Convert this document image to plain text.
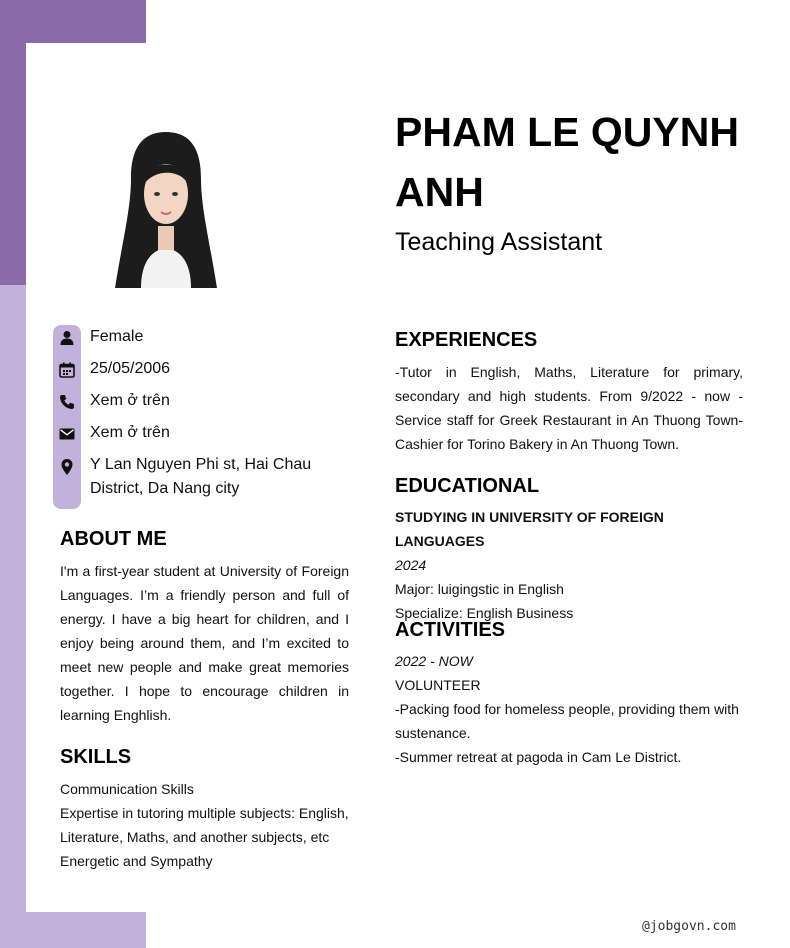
PHAM LE QUYNH ANH
Teaching Assistant
Female
25/05/2006
Xem ở trên
Xem ở trên
Y Lan Nguyen Phi st, Hai Chau District, Da Nang city
ABOUT ME
I'm a first-year student at University of Foreign Languages. I’m a friendly person and full of energy. I have a big heart for children, and I enjoy being around them, and I’m excited to meet new people and make great memories together. I hope to encourage children in learning Enghlish.
SKILLS
Communication Skills
Expertise in tutoring multiple subjects: English, Literature, Maths, and another subjects, etc
Energetic and Sympathy
EXPERIENCES
-Tutor in English, Maths, Literature for primary, secondary and high students. From 9/2022 - now -Service staff for Greek Restaurant in An Thuong Town-Cashier for Torino Bakery in An Thuong Town.
EDUCATIONAL
STUDYING IN UNIVERSITY OF FOREIGN LANGUAGES
2024
Major: luigingstic in English
Specialize: English Business
ACTIVITIES
2022 - NOW
VOLUNTEER
-Packing food for homeless people, providing them with sustenance.
-Summer retreat at pagoda in Cam Le District.
@jobgovn.com
